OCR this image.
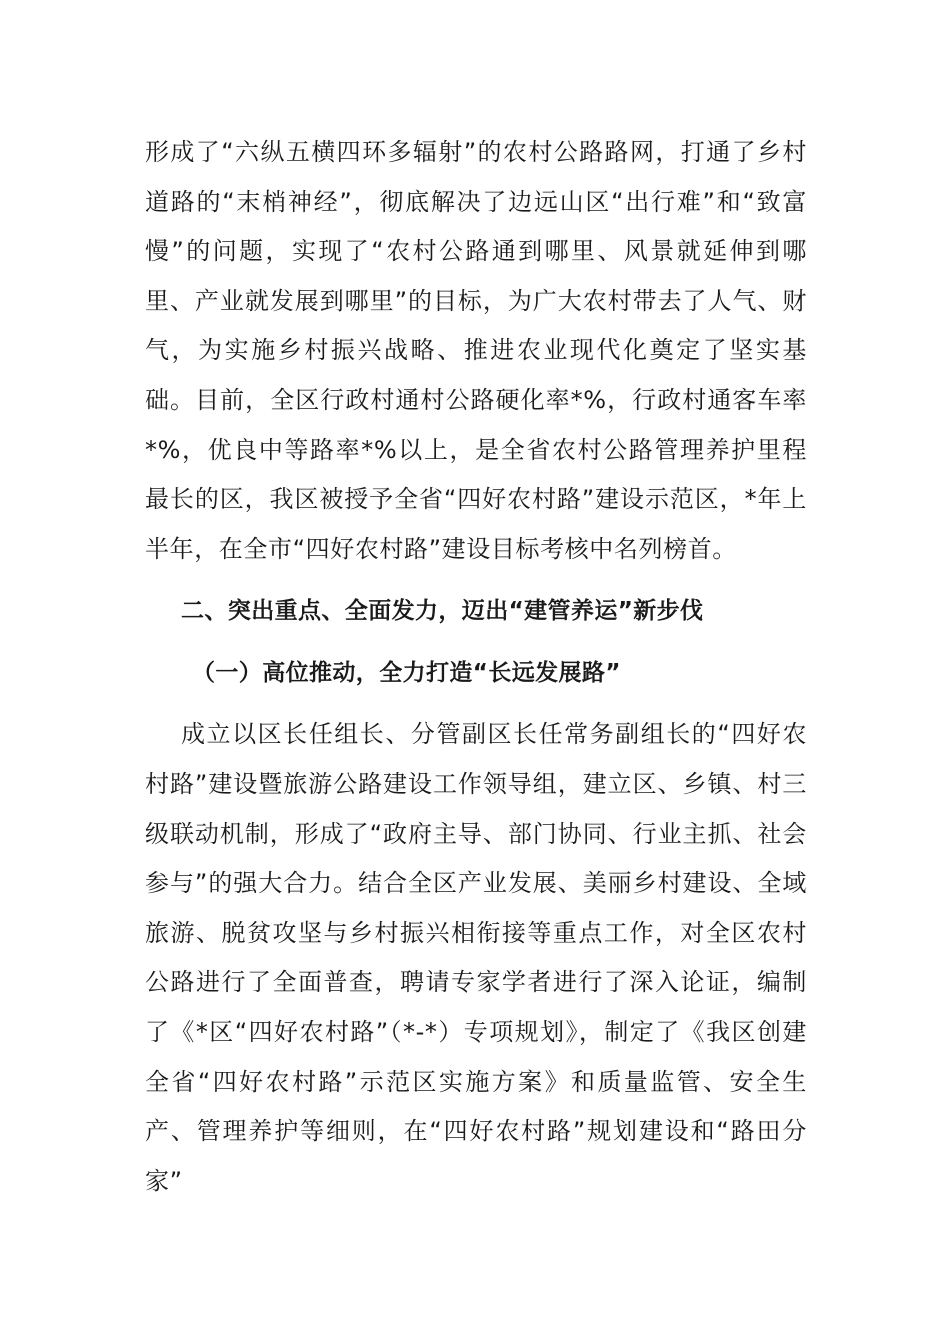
形成了“六纵五横四环多辐射”的农村公路路网，打通了乡村道路的“末梢神经”，彻底解决了边远山区“出行难”和“致富慢”的问题，实现了“农村公路通到哪里、风景就延伸到哪里、产业就发展到哪里”的目标，为广大农村带去了人气、财气，为实施乡村振兴战略、推进农业现代化奠定了坚实基础。目前，全区行政村通村公路硬化率*%，行政村通客车率*%，优良中等路率*%以上，是全省农村公路管理养护里程最长的区，我区被授予全省“四好农村路”建设示范区，*年上半年，在全市“四好农村路”建设目标考核中名列榜首。

二、突出重点、全面发力，迈出“建管养运”新步伐
（一）高位推动，全力打造“长远发展路”

成立以区长任组长、分管副区长任常务副组长的“四好农村路”建设暨旅游公路建设工作领导组，建立区、乡镇、村三级联动机制，形成了“政府主导、部门协同、行业主抓、社会参与”的强大合力。结合全区产业发展、美丽乡村建设、全域旅游、脱贫攻坚与乡村振兴相衔接等重点工作，对全区农村公路进行了全面普查，聘请专家学者进行了深入论证，编制了《*区“四好农村路”（*-*）专项规划》，制定了《我区创建全省“四好农村路”示范区实施方案》和质量监管、安全生产、管理养护等细则，在“四好农村路”规划建设和“路田分家”
